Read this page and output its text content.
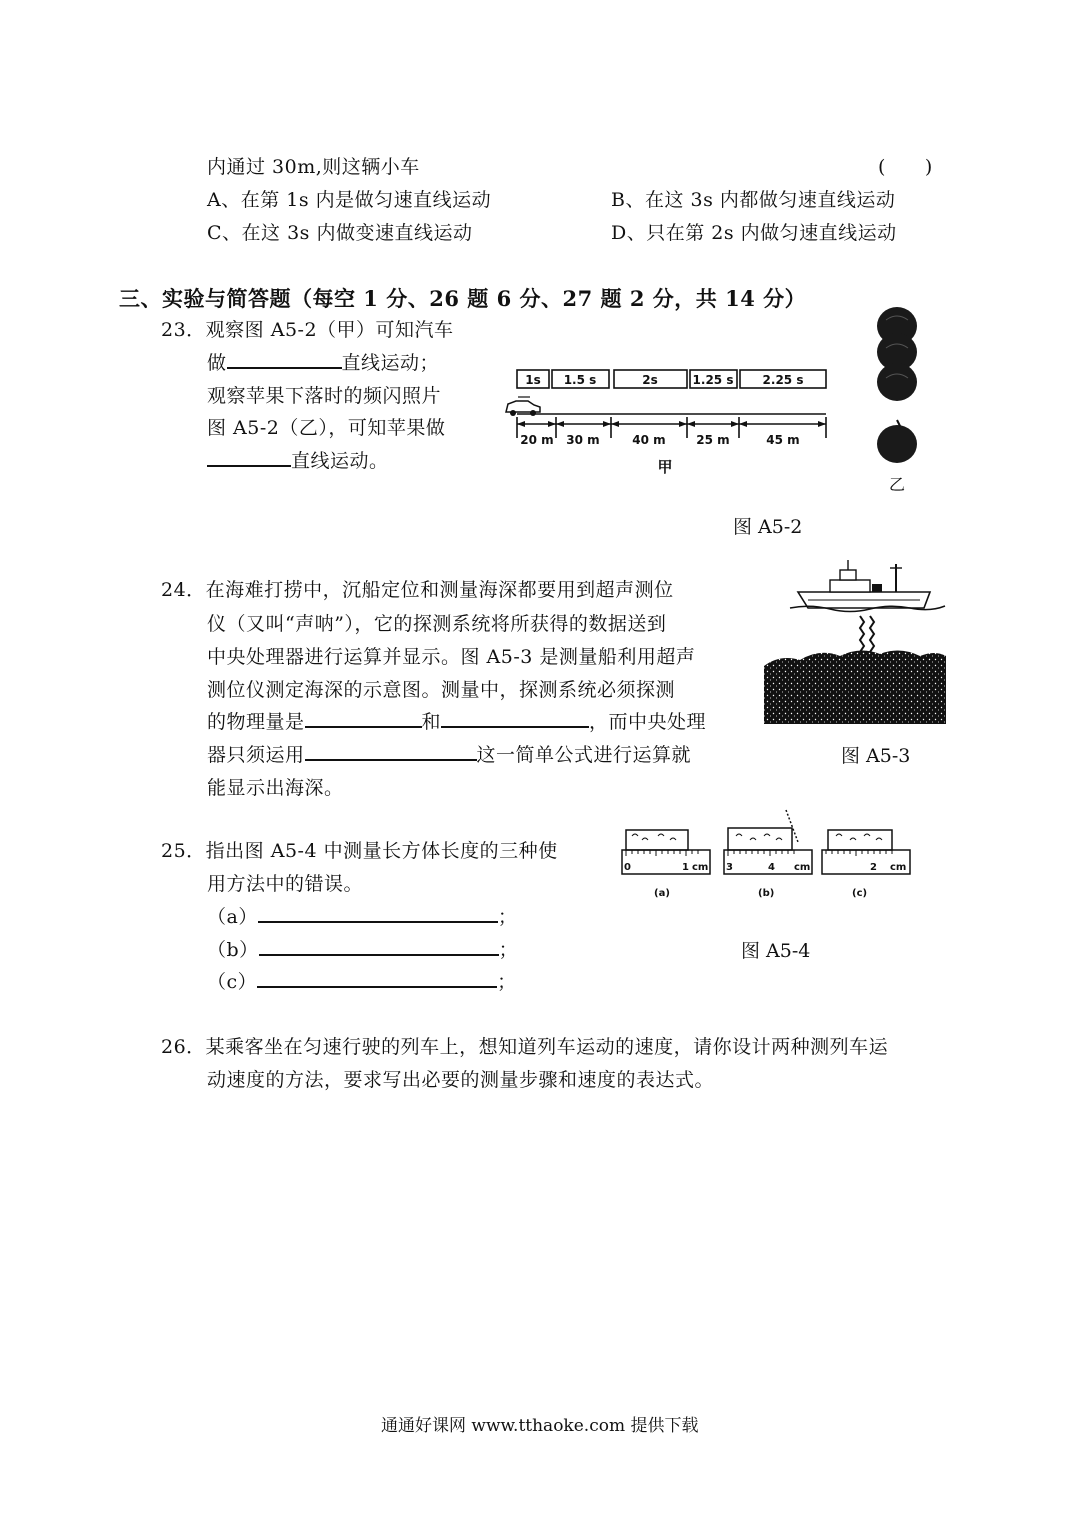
内通过 30m,则这辆小车	(　　)
A、在第 1s 内是做匀速直线运动	B、在这 3s 内都做匀速直线运动
C、在这 3s 内做变速直线运动	D、只在第 2s 内做匀速直线运动
三、实验与简答题（每空 1 分、26 题 6 分、27 题 2 分，共 14 分）
23．观察图 A5-2（甲）可知汽车
做	直线运动；
观察苹果下落时的频闪照片
图 A5-2（乙），可知苹果做
直线运动。
1s 1.5 s	2s	1.25 s 2.25 s
20 m 30 m	40 m	25 m	45 m
甲
乙
图 A5-2
24．在海难打捞中，沉船定位和测量海深都要用到超声测位
仪（又叫“声呐”），它的探测系统将所获得的数据送到
中央处理器进行运算并显示。图 A5-3 是测量船利用超声
测位仪测定海深的示意图。测量中，探测系统必须探测
的物理量是	和	，而中央处理
器只须运用	这一简单公式进行运算就
能显示出海深。
图 A5-3
25．指出图 A5-4 中测量长方体长度的三种使
用方法中的错误。
（a）	；
（b）	；
（c）	；
0	1 cm 3	4 cm	2 cm
(a)	(b)	(c)
图 A5-4
26．某乘客坐在匀速行驶的列车上，想知道列车运动的速度，请你设计两种测列车运
动速度的方法，要求写出必要的测量步骤和速度的表达式。
通通好课网 www.tthaoke.com 提供下载
